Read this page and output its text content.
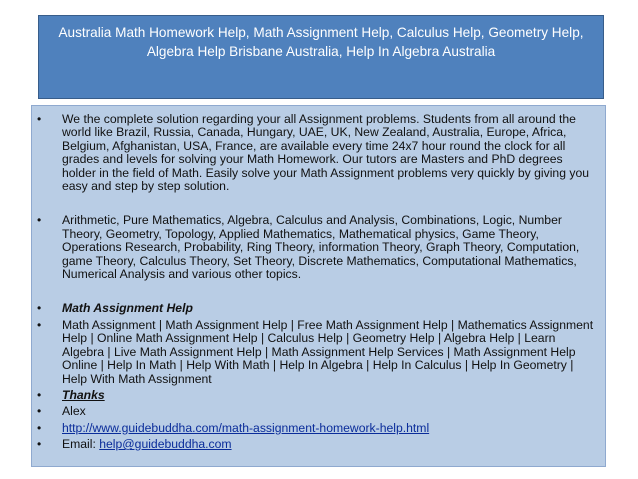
Australia Math Homework Help, Math Assignment Help, Calculus Help, Geometry Help, Algebra Help Brisbane Australia, Help In Algebra Australia
• We the complete solution regarding your all Assignment problems. Students from all around the world like Brazil, Russia, Canada, Hungary, UAE, UK, New Zealand, Australia, Europe, Africa, Belgium, Afghanistan, USA, France, are available every time 24x7 hour round the clock for all grades and levels for solving your Math Homework. Our tutors are Masters and PhD degrees holder in the field of Math. Easily solve your Math Assignment problems very quickly by giving you easy and step by step solution.
• Arithmetic, Pure Mathematics, Algebra, Calculus and Analysis, Combinations, Logic, Number Theory, Geometry, Topology, Applied Mathematics, Mathematical physics, Game Theory, Operations Research, Probability, Ring Theory, information Theory, Graph Theory, Computation, game Theory, Calculus Theory, Set Theory, Discrete Mathematics, Computational Mathematics, Numerical Analysis and various other topics.
• Math Assignment Help
• Math Assignment | Math Assignment Help | Free Math Assignment Help | Mathematics Assignment Help | Online Math Assignment Help | Calculus Help | Geometry Help | Algebra Help | Learn Algebra | Live Math Assignment Help | Math Assignment Help Services | Math Assignment Help Online | Help In Math | Help With Math | Help In Algebra | Help In Calculus | Help In Geometry | Help With Math Assignment
• Thanks
• Alex
• http://www.guidebuddha.com/math-assignment-homework-help.html
• Email: help@guidebuddha.com
